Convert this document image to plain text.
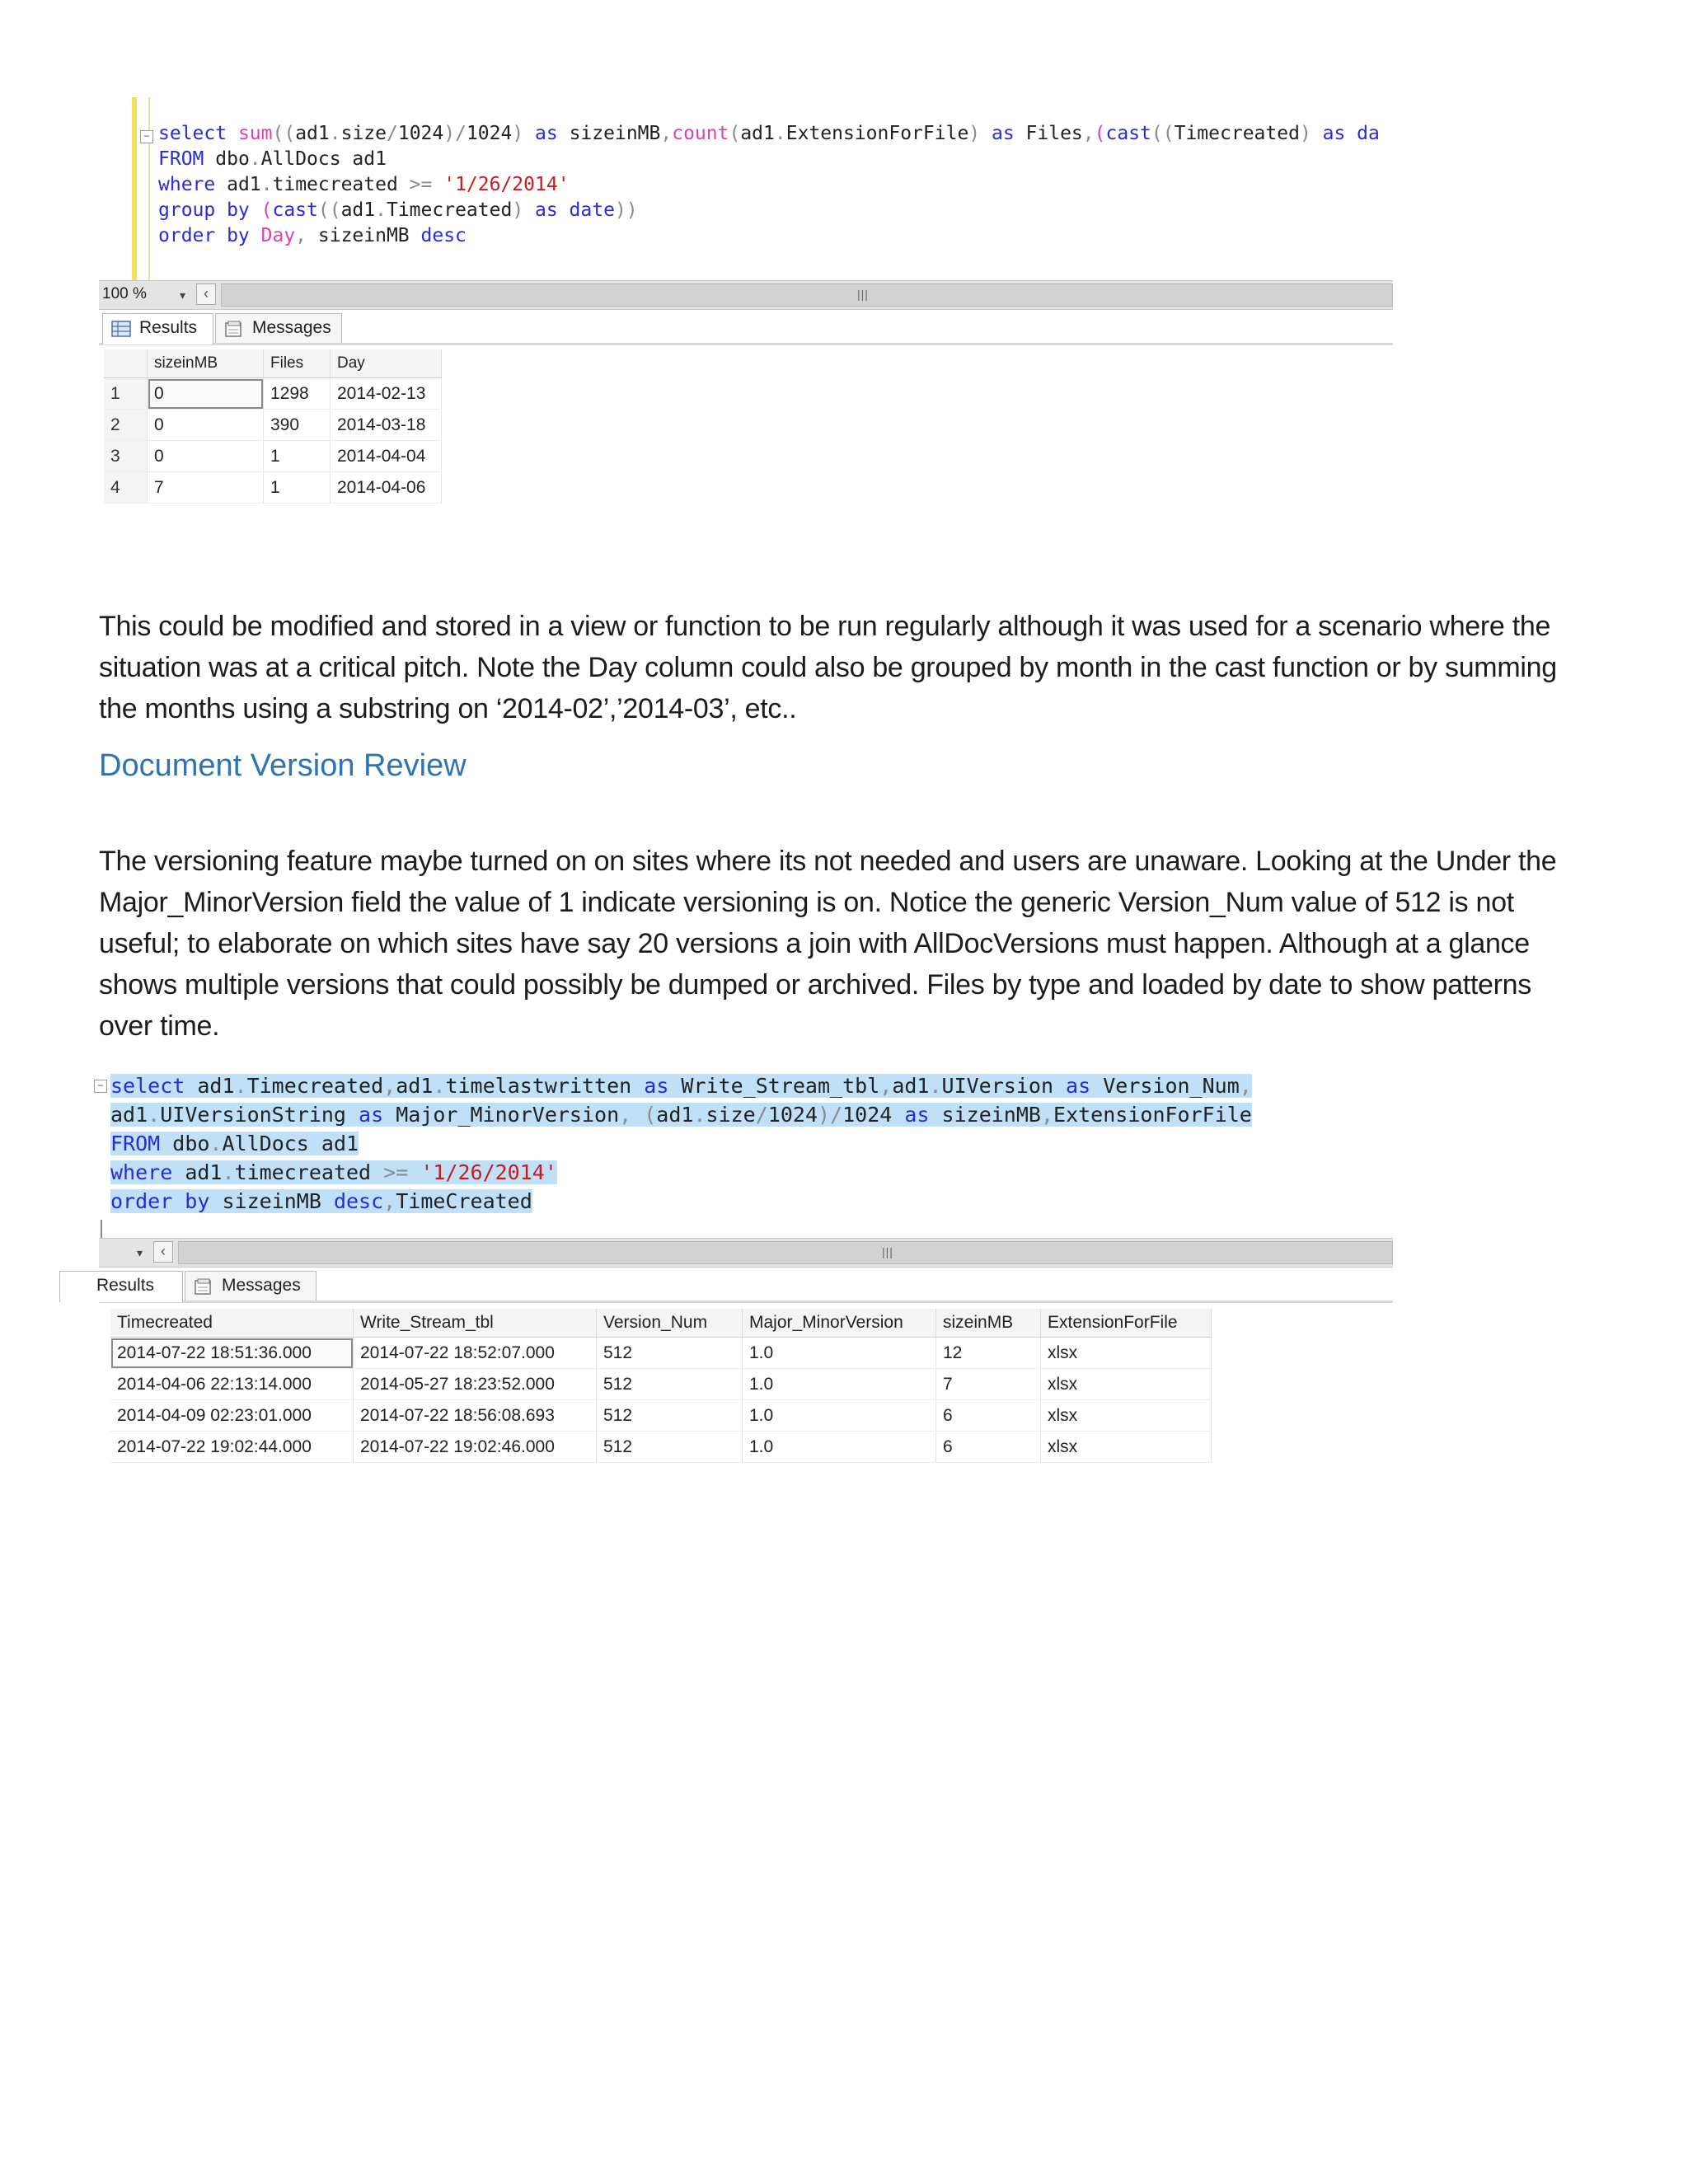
− select sum((ad1.size/1024)/1024) as sizeinMB,count(ad1.ExtensionForFile) as Files,(cast((Timecreated) as da
FROM dbo.AllDocs ad1
where ad1.timecreated >= '1/26/2014'
group by (cast((ad1.Timecreated) as date))
order by Day, sizeinMB desc
100 %	▾	‹	|||
Results	Messages
	sizeinMB	Files	Day
1	0	1298	2014-02-13
2	0	390	2014-03-18
3	0	1	2014-04-04
4	7	1	2014-04-06
This could be modified and stored in a view or function to be run regularly although it was used for a scenario where the situation was at a critical pitch. Note the Day column could also be grouped by month in the cast function or by summing the months using a substring on ‘2014-02’,’2014-03’, etc..
Document Version Review
The versioning feature maybe turned on on sites where its not needed and users are unaware. Looking at the Under the Major_MinorVersion field the value of 1 indicate versioning is on. Notice the generic Version_Num value of 512 is not useful; to elaborate on which sites have say 20 versions a join with AllDocVersions must happen. Although at a glance shows multiple versions that could possibly be dumped or archived. Files by type and loaded by date to show patterns over time.
− select ad1.Timecreated,ad1.timelastwritten as Write_Stream_tbl,ad1.UIVersion as Version_Num,
ad1.UIVersionString as Major_MinorVersion, (ad1.size/1024)/1024 as sizeinMB,ExtensionForFile
FROM dbo.AllDocs ad1
where ad1.timecreated >= '1/26/2014'
order by sizeinMB desc,TimeCreated

▾	‹	|||
Results	Messages
Timecreated	Write_Stream_tbl	Version_Num	Major_MinorVersion	sizeinMB	ExtensionForFile
2014-07-22 18:51:36.000	2014-07-22 18:52:07.000	512	1.0	12	xlsx
2014-04-06 22:13:14.000	2014-05-27 18:23:52.000	512	1.0	7	xlsx
2014-04-09 02:23:01.000	2014-07-22 18:56:08.693	512	1.0	6	xlsx
2014-07-22 19:02:44.000	2014-07-22 19:02:46.000	512	1.0	6	xlsx
